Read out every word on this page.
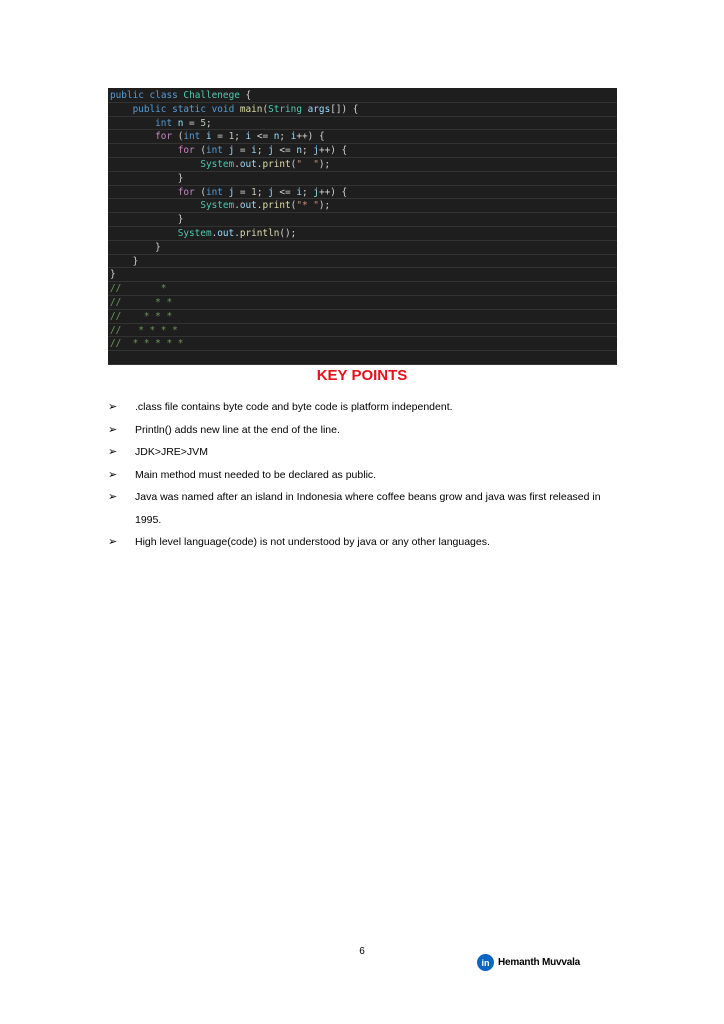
public class Challenege {
public static void main(String args[]) {
int n = 5;
for (int i = 1; i <= n; i++) {
for (int j = i; j <= n; j++) {
System.out.print("  ");
}
for (int j = 1; j <= i; j++) {
System.out.print("* ");
}
System.out.println();
}
}
}
//       *
//      * *
//    * * *
//   * * * *
//  * * * * *
KEY POINTS
➢ .class file contains byte code and byte code is platform independent.
➢ Println() adds new line at the end of the line.
➢ JDK>JRE>JVM
➢ Main method must needed to be declared as public.
➢ Java was named after an island in Indonesia where coffee beans grow and java was first released in 1995.
➢ High level language(code) is not understood by java or any other languages.
6
in Hemanth Muvvala
